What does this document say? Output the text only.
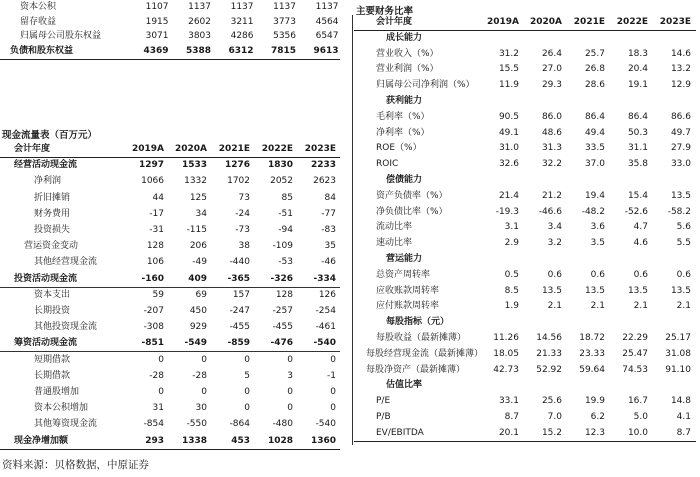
资本公积	1107	1137	1137	1137	1137
留存收益	1915	2602	3211	3773	4564
归属母公司股东权益	3071	3803	4286	5356	6547
负债和股东权益	4369	5388	6312	7815	9613
现金流量表（百万元）
会计年度	2019A	2020A	2021E	2022E	2023E
经营活动现金流	1297	1533	1276	1830	2233
净利润	1066	1332	1702	2052	2623
折旧摊销	44	125	73	85	84
财务费用	-17	34	-24	-51	-77
投资损失	-31	-115	-73	-94	-83
营运资金变动	128	206	38	-109	35
其他经营现金流	106	-49	-440	-53	-46
投资活动现金流	-160	409	-365	-326	-334
资本支出	59	69	157	128	126
长期投资	-207	450	-247	-257	-254
其他投资现金流	-308	929	-455	-455	-461
筹资活动现金流	-851	-549	-859	-476	-540
短期借款	0	0	0	0	0
长期借款	-28	-28	5	3	-1
普通股增加	0	0	0	0	0
资本公积增加	31	30	0	0	0
其他筹资现金流	-854	-550	-864	-480	-540
现金净增加额	293	1338	453	1028	1360
主要财务比率
会计年度	2019A	2020A	2021E	2022E	2023E
成长能力
营业收入（%）	31.2	26.4	25.7	18.3	14.6
营业利润（%）	15.5	27.0	26.8	20.4	13.2
归属母公司净利润（%）	11.9	29.3	28.6	19.1	12.9
获利能力
毛利率（%）	90.5	86.0	86.4	86.4	86.6
净利率（%）	49.1	48.6	49.4	50.3	49.7
ROE（%）	31.0	31.3	33.5	31.1	27.9
ROIC	32.6	32.2	37.0	35.8	33.0
偿债能力
资产负债率（%）	21.4	21.2	19.4	15.4	13.5
净负债比率（%）	-19.3	-46.6	-48.2	-52.6	-58.2
流动比率	3.1	3.4	3.6	4.7	5.6
速动比率	2.9	3.2	3.5	4.6	5.5
营运能力
总资产周转率	0.5	0.6	0.6	0.6	0.6
应收账款周转率	8.5	13.5	13.5	13.5	13.5
应付账款周转率	1.9	2.1	2.1	2.1	2.1
每股指标（元）
每股收益（最新摊薄）	11.26	14.56	18.72	22.29	25.17
每股经营现金流（最新摊薄）	18.05	21.33	23.33	25.47	31.08
每股净资产（最新摊薄）	42.73	52.92	59.64	74.53	91.10
估值比率
P/E	33.1	25.6	19.9	16.7	14.8
P/B	8.7	7.0	6.2	5.0	4.1
EV/EBITDA	20.1	15.2	12.3	10.0	8.7
资料来源：贝格数据，中原证券
